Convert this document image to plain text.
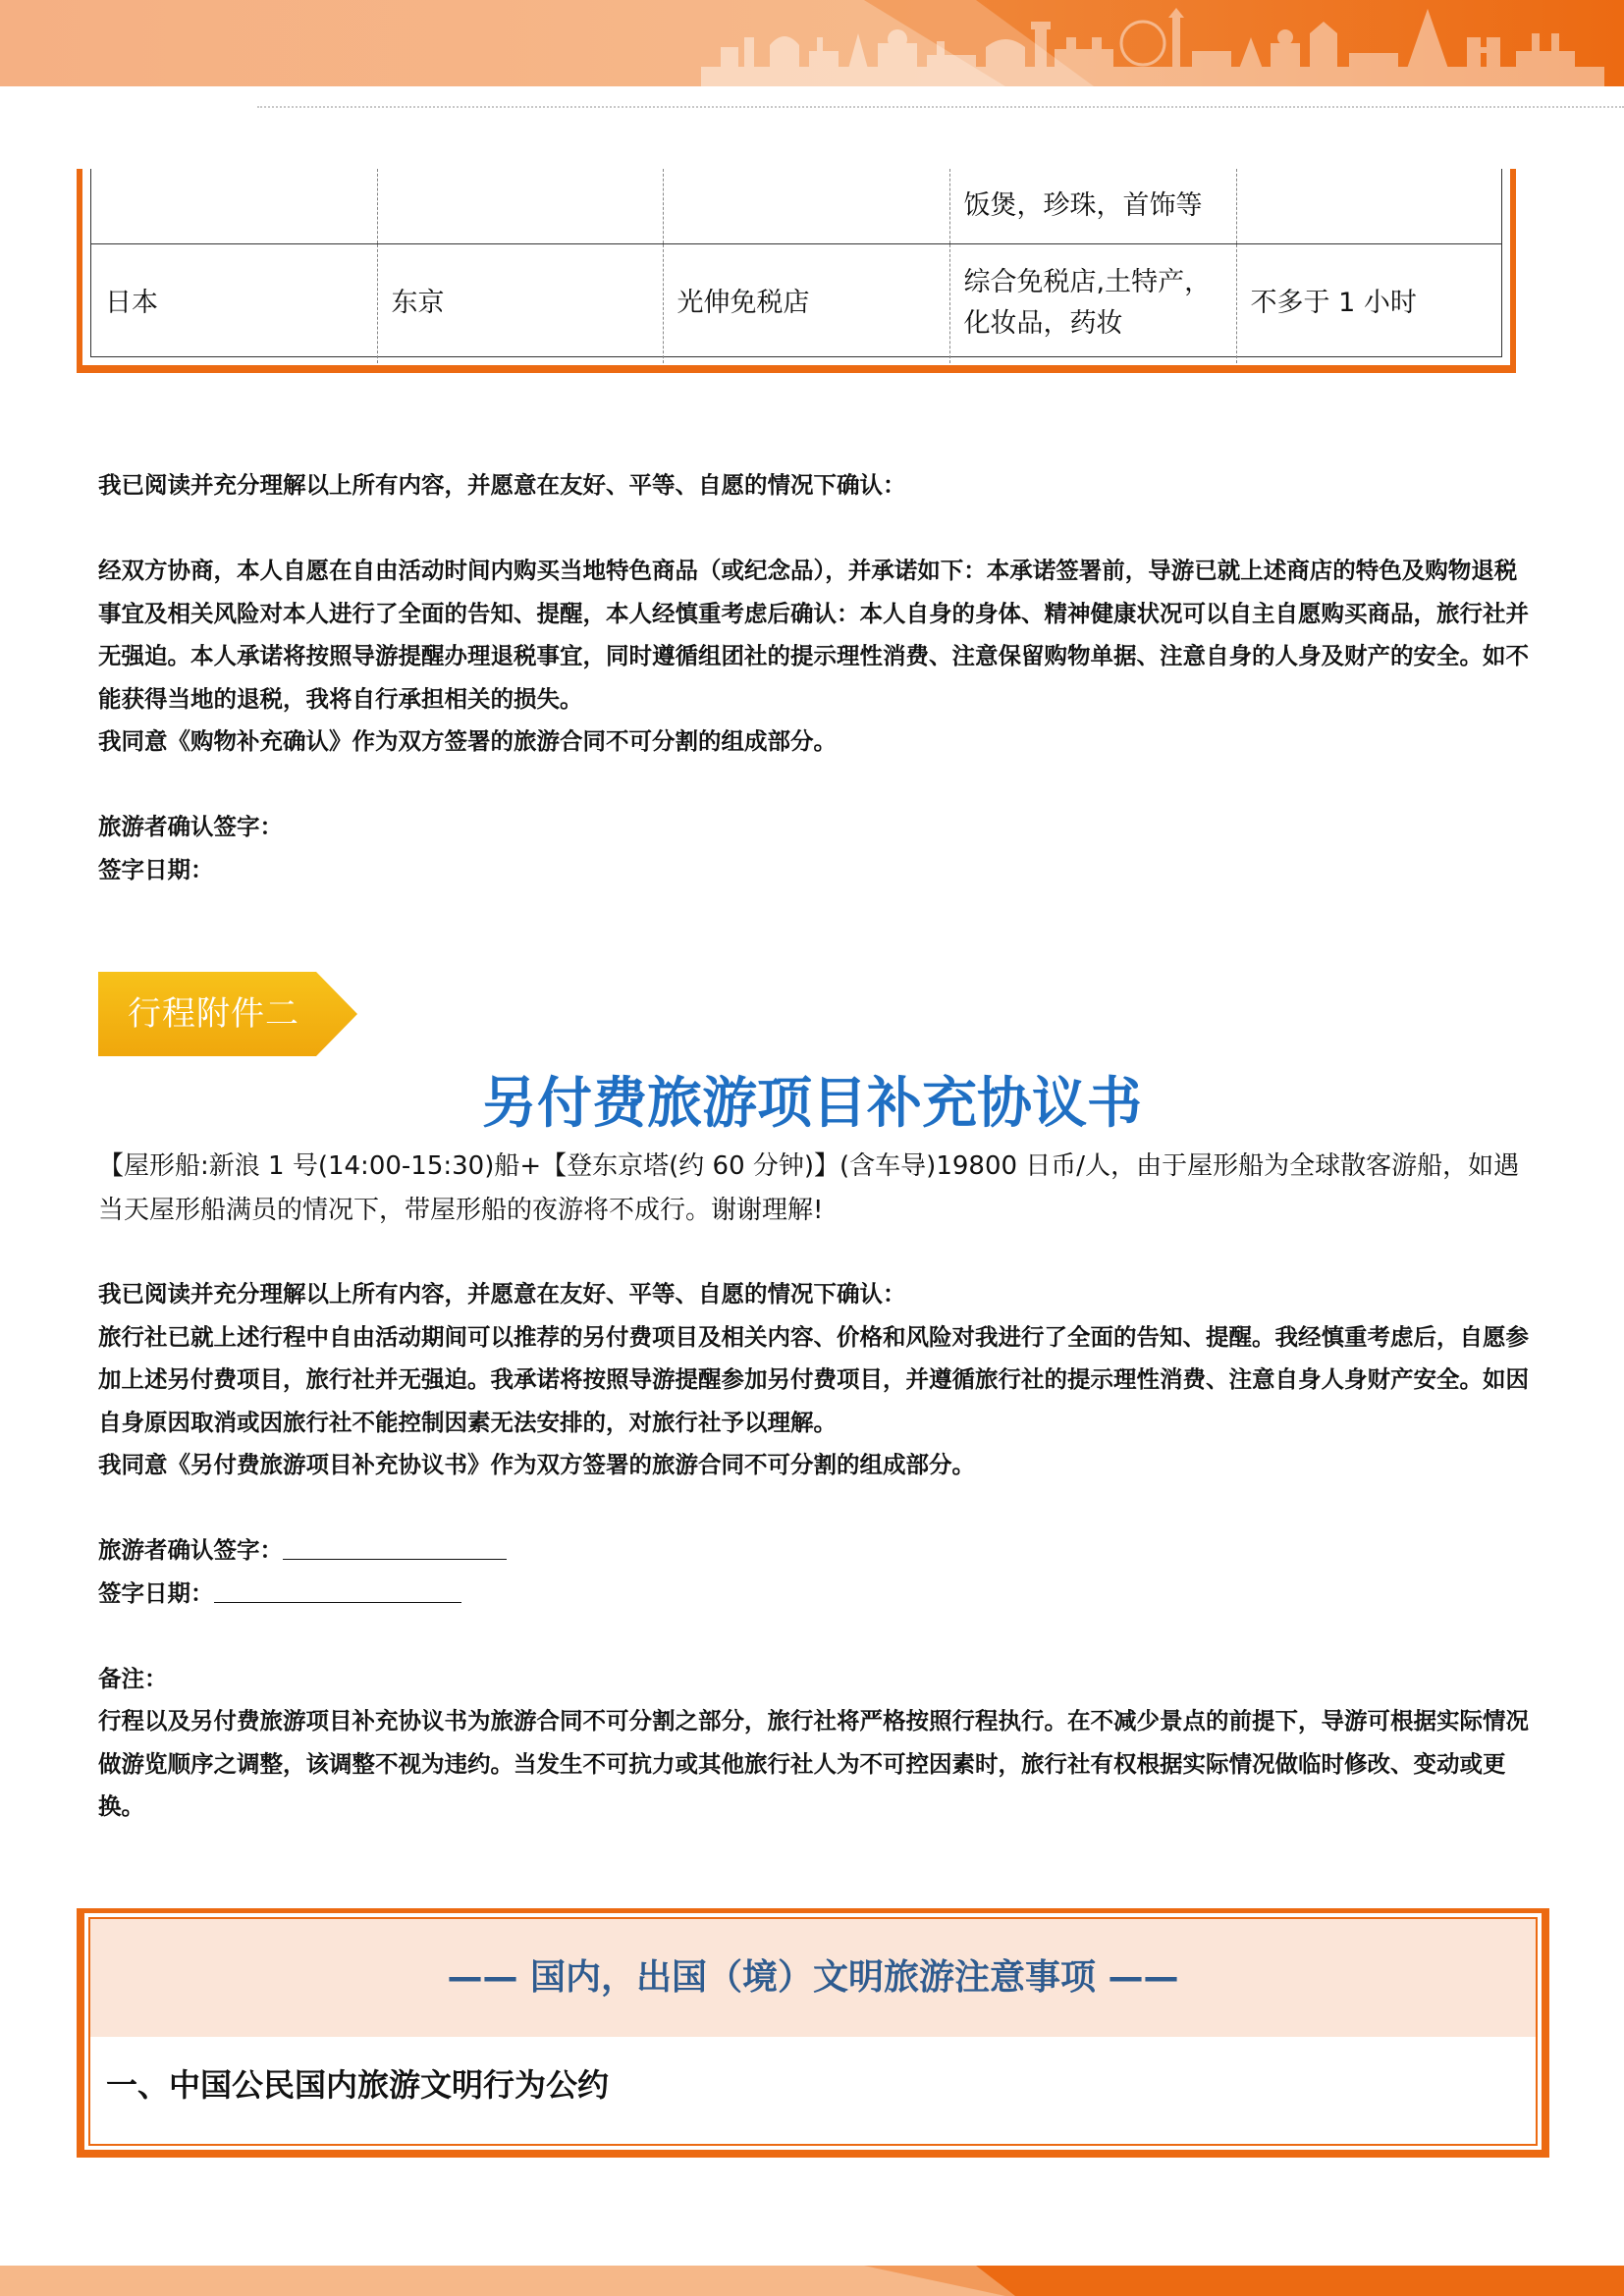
			饭煲，珍珠，首饰等	
日本	东京	光伸免税店	综合免税店,土特产，化妆品，药妆	不多于 1 小时

我已阅读并充分理解以上所有内容，并愿意在友好、平等、自愿的情况下确认：

经双方协商，本人自愿在自由活动时间内购买当地特色商品（或纪念品），并承诺如下：本承诺签署前，导游已就上述商店的特色及购物退税事宜及相关风险对本人进行了全面的告知、提醒，本人经慎重考虑后确认：本人自身的身体、精神健康状况可以自主自愿购买商品，旅行社并无强迫。本人承诺将按照导游提醒办理退税事宜，同时遵循组团社的提示理性消费、注意保留购物单据、注意自身的人身及财产的安全。如不能获得当地的退税，我将自行承担相关的损失。

我同意《购物补充确认》作为双方签署的旅游合同不可分割的组成部分。

旅游者确认签字：

签字日期：

行程附件二
另付费旅游项目补充协议书

【屋形船:新浪 1 号(14:00-15:30)船+【登东京塔(约 60 分钟)】(含车导)19800 日币/人，由于屋形船为全球散客游船，如遇当天屋形船满员的情况下，带屋形船的夜游将不成行。谢谢理解!

我已阅读并充分理解以上所有内容，并愿意在友好、平等、自愿的情况下确认：

旅行社已就上述行程中自由活动期间可以推荐的另付费项目及相关内容、价格和风险对我进行了全面的告知、提醒。我经慎重考虑后，自愿参加上述另付费项目，旅行社并无强迫。我承诺将按照导游提醒参加另付费项目，并遵循旅行社的提示理性消费、注意自身人身财产安全。如因自身原因取消或因旅行社不能控制因素无法安排的，对旅行社予以理解。

我同意《另付费旅游项目补充协议书》作为双方签署的旅游合同不可分割的组成部分。

旅游者确认签字：

签字日期：

备注：

行程以及另付费旅游项目补充协议书为旅游合同不可分割之部分，旅行社将严格按照行程执行。在不减少景点的前提下，导游可根据实际情况做游览顺序之调整，该调整不视为违约。当发生不可抗力或其他旅行社人为不可控因素时，旅行社有权根据实际情况做临时修改、变动或更换。

—— 国内，出国（境）文明旅游注意事项 ——
一、中国公民国内旅游文明行为公约
